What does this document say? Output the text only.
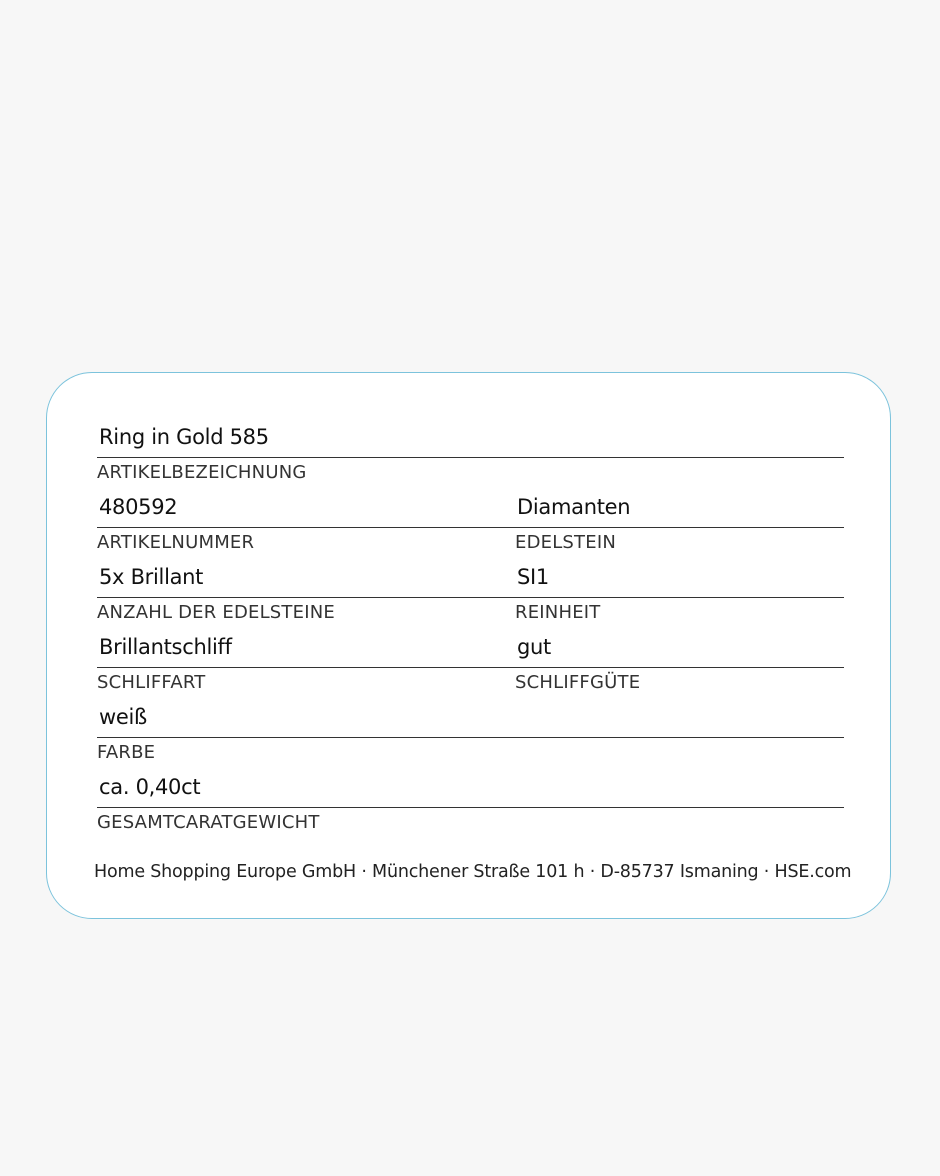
Ring in Gold 585
ARTIKELBEZEICHNUNG
480592
ARTIKELNUMMER
Diamanten
EDELSTEIN
5x Brillant
ANZAHL DER EDELSTEINE
SI1
REINHEIT
Brillantschliff
SCHLIFFART
gut
SCHLIFFGÜTE
weiß
FARBE
ca. 0,40ct
GESAMTCARATGEWICHT
Home Shopping Europe GmbH · Münchener Straße 101 h · D-85737 Ismaning · HSE.com
